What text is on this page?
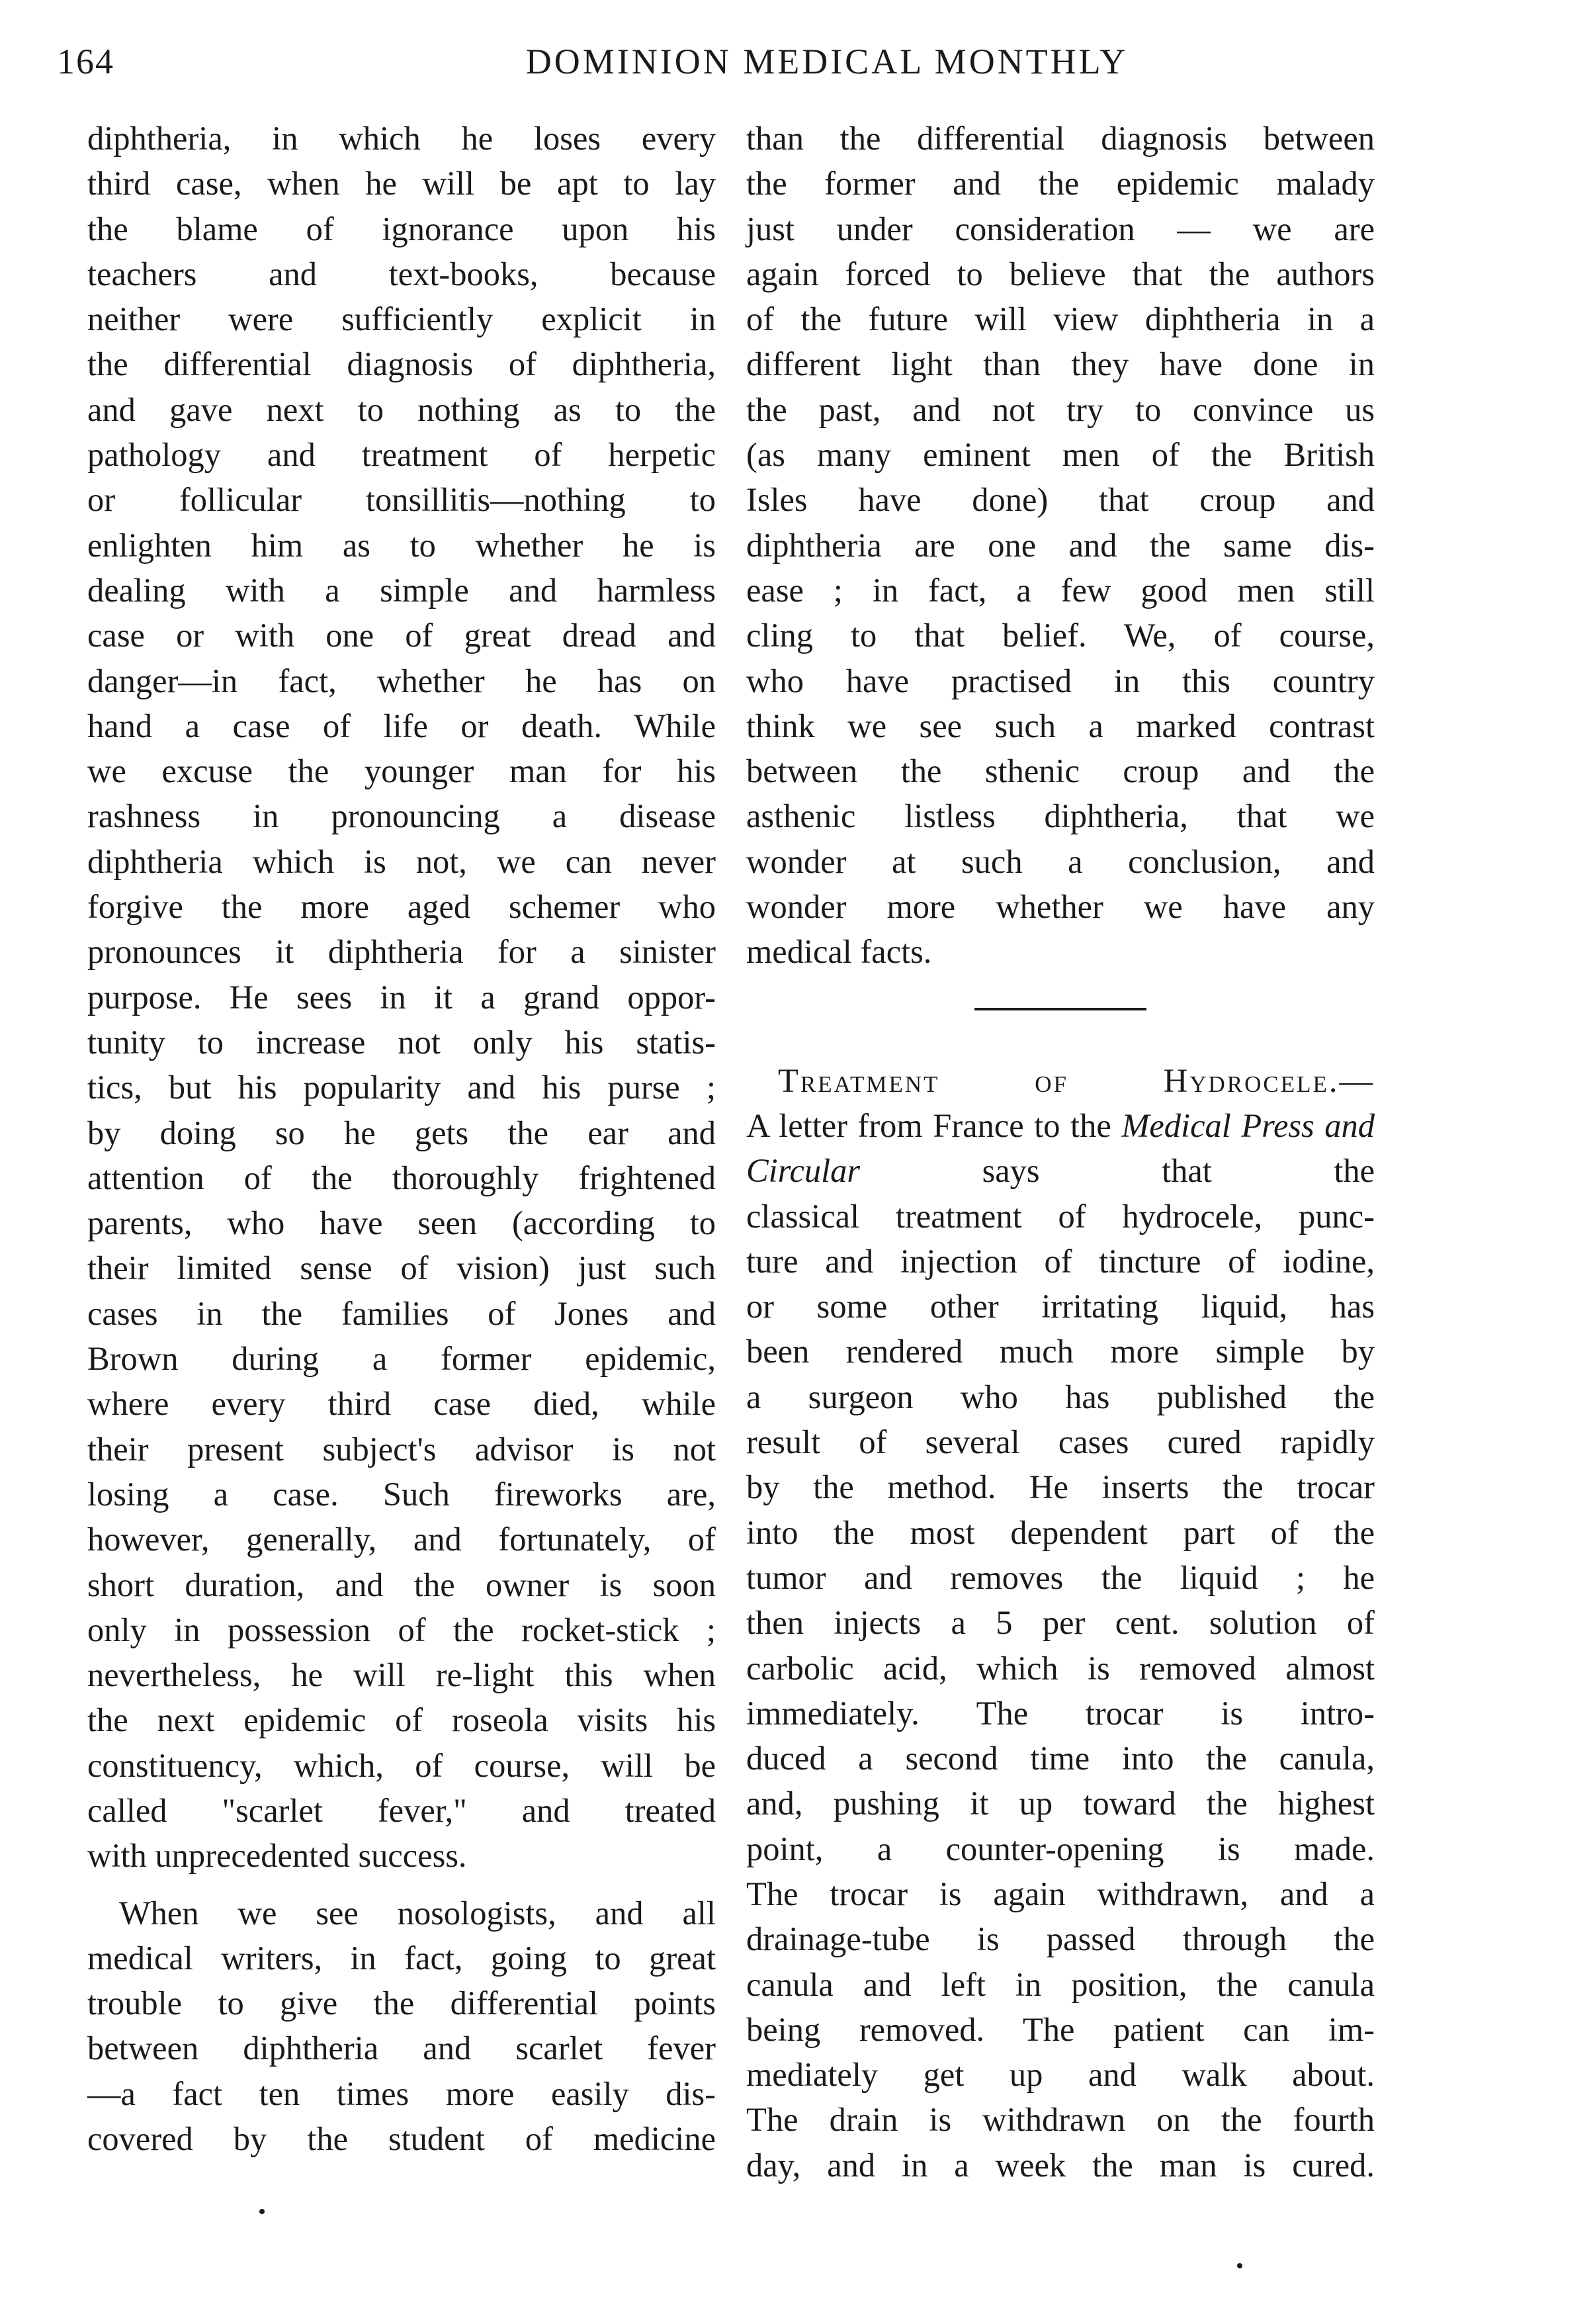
164	DOMINION MEDICAL MONTHLY

diphtheria, in which he loses every

third case, when he will be apt to lay

the blame of ignorance upon his

teachers and text-books, because

neither were sufficiently explicit in

the differential diagnosis of diphtheria,

and gave next to nothing as to the

pathology and treatment of herpetic

or follicular tonsillitis—nothing to

enlighten him as to whether he is

dealing with a simple and harmless

case or with one of great dread and

danger—in fact, whether he has on

hand a case of life or death. While

we excuse the younger man for his

rashness in pronouncing a disease

diphtheria which is not, we can never

forgive the more aged schemer who

pronounces it diphtheria for a sinister

purpose. He sees in it a grand oppor-

tunity to increase not only his statis-

tics, but his popularity and his purse ;

by doing so he gets the ear and

attention of the thoroughly frightened

parents, who have seen (according to

their limited sense of vision) just such

cases in the families of Jones and

Brown during a former epidemic,

where every third case died, while

their present subject's advisor is not

losing a case. Such fireworks are,

however, generally, and fortunately, of

short duration, and the owner is soon

only in possession of the rocket-stick ;

nevertheless, he will re-light this when

the next epidemic of roseola visits his

constituency, which, of course, will be

called "scarlet fever," and treated

with unprecedented success.

When we see nosologists, and all

medical writers, in fact, going to great

trouble to give the differential points

between diphtheria and scarlet fever

—a fact ten times more easily dis-

covered by the student of medicine

than the differential diagnosis between

the former and the epidemic malady

just under consideration — we are

again forced to believe that the authors

of the future will view diphtheria in a

different light than they have done in

the past, and not try to convince us

(as many eminent men of the British

Isles have done) that croup and

diphtheria are one and the same dis-

ease ; in fact, a few good men still

cling to that belief. We, of course,

who have practised in this country

think we see such a marked contrast

between the sthenic croup and the

asthenic listless diphtheria, that we

wonder at such a conclusion, and

wonder more whether we have any

medical facts.

Treatment of Hydrocele.—

A letter from France to the Medical Press and Circular	says that the

classical treatment of hydrocele, punc-

ture and injection of tincture of iodine,

or some other irritating liquid, has

been rendered much more simple by

a surgeon who has published the

result of several cases cured rapidly

by the method. He inserts the trocar

into the most dependent part of the

tumor and removes the liquid ; he

then injects a 5 per cent. solution of

carbolic acid, which is removed almost

immediately. The trocar is intro-

duced a second time into the canula,

and, pushing it up toward the highest

point, a counter-opening is made.

The trocar is again withdrawn, and a

drainage-tube is passed through the

canula and left in position, the canula

being removed. The patient can im-

mediately get up and walk about.

The drain is withdrawn on the fourth

day, and in a week the man is cured.
